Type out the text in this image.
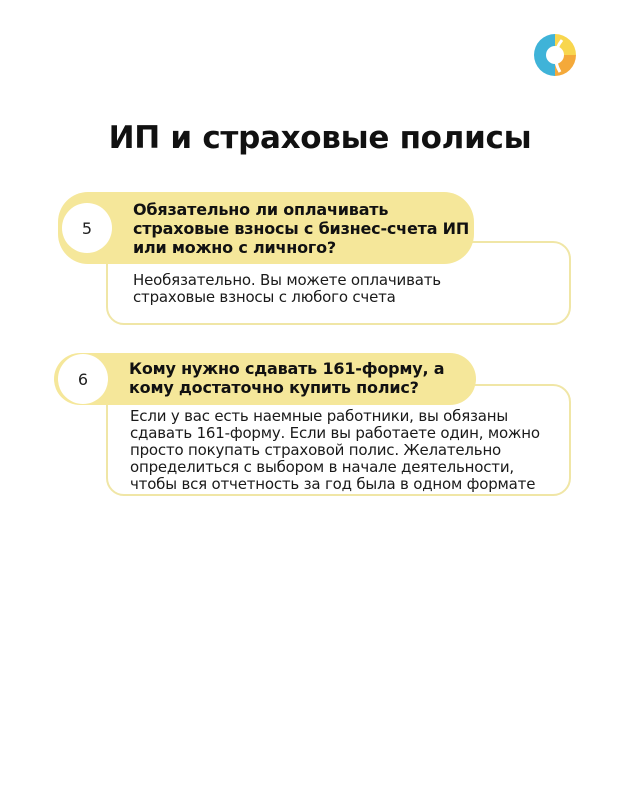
ИП и страховые полисы
Необязательно. Вы можете оплачивать
страховые взносы с любого счета
5
Обязательно ли оплачивать
страховые взносы с бизнес-счета ИП
или можно с личного?
Если у вас есть наемные работники, вы обязаны
сдавать 161-форму. Если вы работаете один, можно
просто покупать страховой полис. Желательно
определиться с выбором в начале деятельности,
чтобы вся отчетность за год была в одном формате
6
Кому нужно сдавать 161-форму, а
кому достаточно купить полис?
